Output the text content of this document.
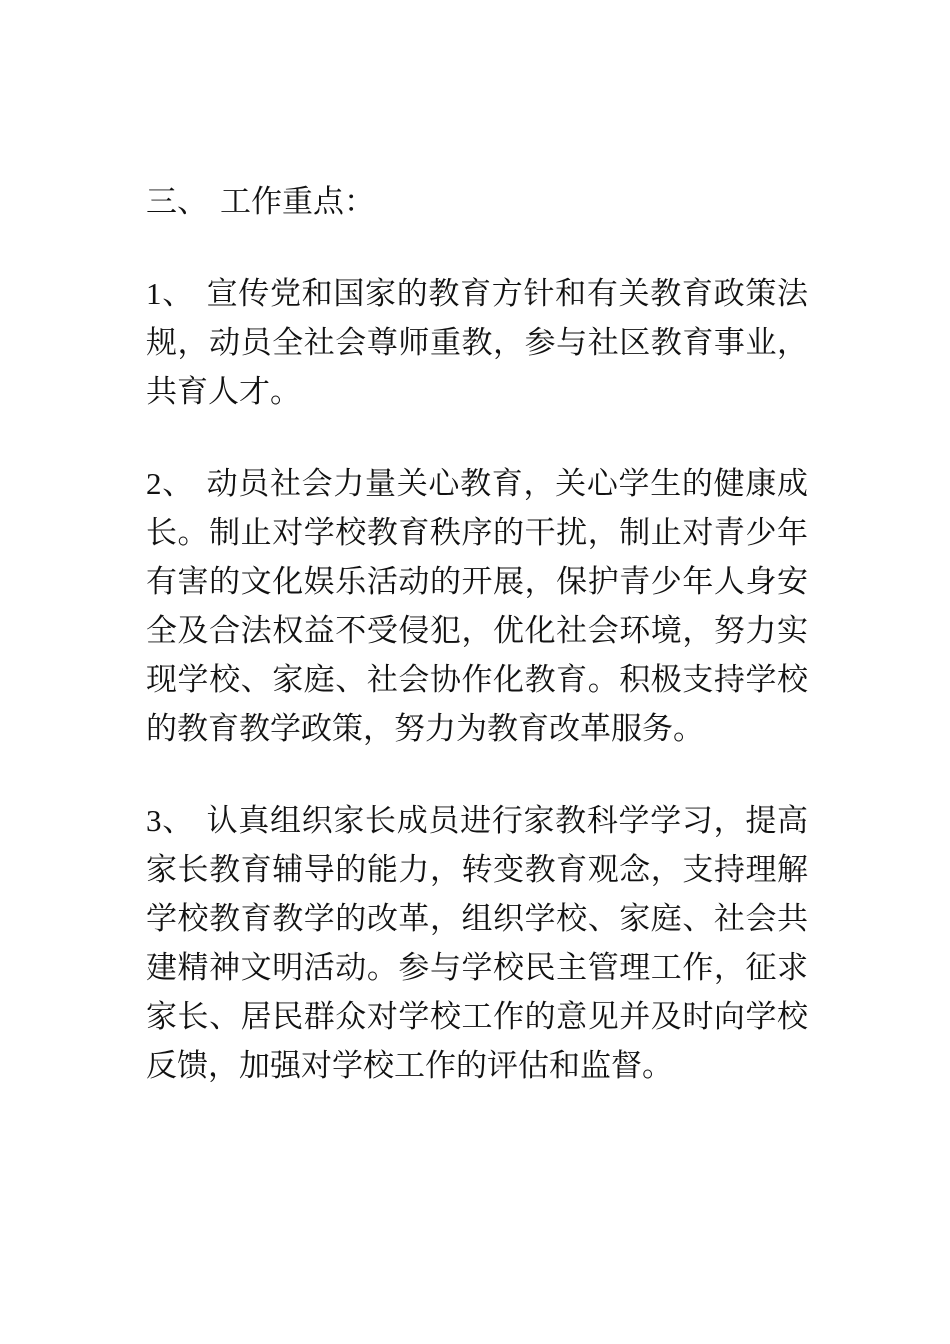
三、 工作重点：

1、 宣传党和国家的教育方针和有关教育政策法规，动员全社会尊师重教，参与社区教育事业，共育人才。

2、 动员社会力量关心教育，关心学生的健康成长。制止对学校教育秩序的干扰，制止对青少年有害的文化娱乐活动的开展，保护青少年人身安全及合法权益不受侵犯，优化社会环境，努力实现学校、家庭、社会协作化教育。积极支持学校的教育教学政策，努力为教育改革服务。

3、 认真组织家长成员进行家教科学学习，提高家长教育辅导的能力，转变教育观念，支持理解学校教育教学的改革，组织学校、家庭、社会共建精神文明活动。参与学校民主管理工作，征求家长、居民群众对学校工作的意见并及时向学校反馈，加强对学校工作的评估和监督。
